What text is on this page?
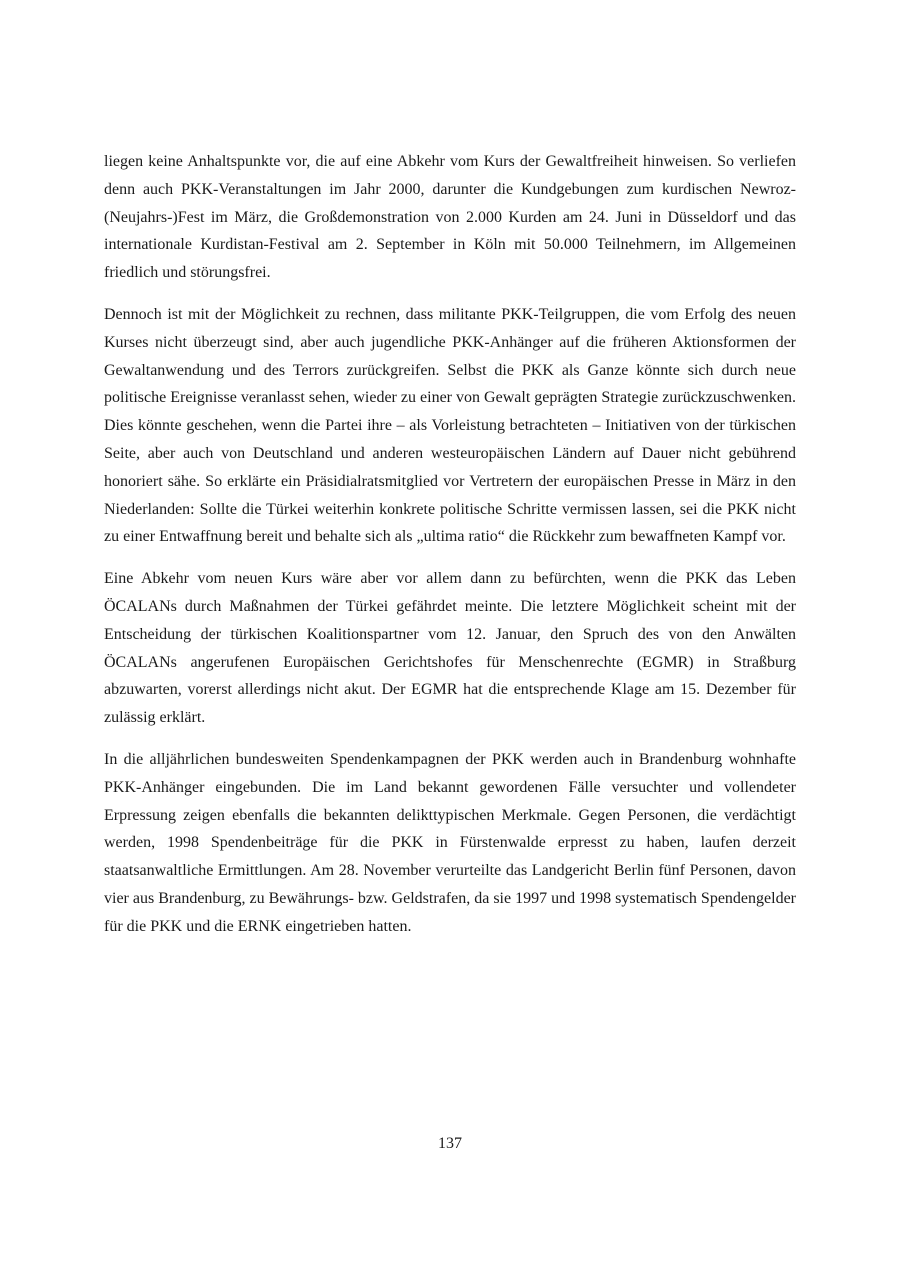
liegen keine Anhaltspunkte vor, die auf eine Abkehr vom Kurs der Gewaltfreiheit hinweisen. So verliefen denn auch PKK-Veranstaltungen im Jahr 2000, darunter die Kundgebungen zum kurdischen Newroz-(Neujahrs-)Fest im März, die Großdemonstration von 2.000 Kurden am 24. Juni in Düsseldorf und das internationale Kurdistan-Festival am 2. September in Köln mit 50.000 Teilnehmern, im Allgemeinen friedlich und störungsfrei.

Dennoch ist mit der Möglichkeit zu rechnen, dass militante PKK-Teilgruppen, die vom Erfolg des neuen Kurses nicht überzeugt sind, aber auch jugendliche PKK-Anhänger auf die früheren Aktionsformen der Gewaltanwendung und des Terrors zurückgreifen. Selbst die PKK als Ganze könnte sich durch neue politische Ereignisse veranlasst sehen, wieder zu einer von Gewalt geprägten Strategie zurückzuschwenken. Dies könnte geschehen, wenn die Partei ihre – als Vorleistung betrachteten – Initiativen von der türkischen Seite, aber auch von Deutschland und anderen westeuropäischen Ländern auf Dauer nicht gebührend honoriert sähe. So erklärte ein Präsidialratsmitglied vor Vertretern der europäischen Presse in März in den Niederlanden: Sollte die Türkei weiterhin konkrete politische Schritte vermissen lassen, sei die PKK nicht zu einer Entwaffnung bereit und behalte sich als „ultima ratio“ die Rückkehr zum bewaffneten Kampf vor.

Eine Abkehr vom neuen Kurs wäre aber vor allem dann zu befürchten, wenn die PKK das Leben ÖCALANs durch Maßnahmen der Türkei gefährdet meinte. Die letztere Möglichkeit scheint mit der Entscheidung der türkischen Koalitionspartner vom 12. Januar, den Spruch des von den Anwälten ÖCALANs angerufenen Europäischen Gerichtshofes für Menschenrechte (EGMR) in Straßburg abzuwarten, vorerst allerdings nicht akut. Der EGMR hat die entsprechende Klage am 15. Dezember für zulässig erklärt.

In die alljährlichen bundesweiten Spendenkampagnen der PKK werden auch in Brandenburg wohnhafte PKK-Anhänger eingebunden. Die im Land bekannt gewordenen Fälle versuchter und vollendeter Erpressung zeigen ebenfalls die bekannten delikttypischen Merkmale. Gegen Personen, die verdächtigt werden, 1998 Spendenbeiträge für die PKK in Fürstenwalde erpresst zu haben, laufen derzeit staatsanwaltliche Ermittlungen. Am 28. November verurteilte das Landgericht Berlin fünf Personen, davon vier aus Brandenburg, zu Bewährungs- bzw. Geldstrafen, da sie 1997 und 1998 systematisch Spendengelder für die PKK und die ERNK eingetrieben hatten.

137
